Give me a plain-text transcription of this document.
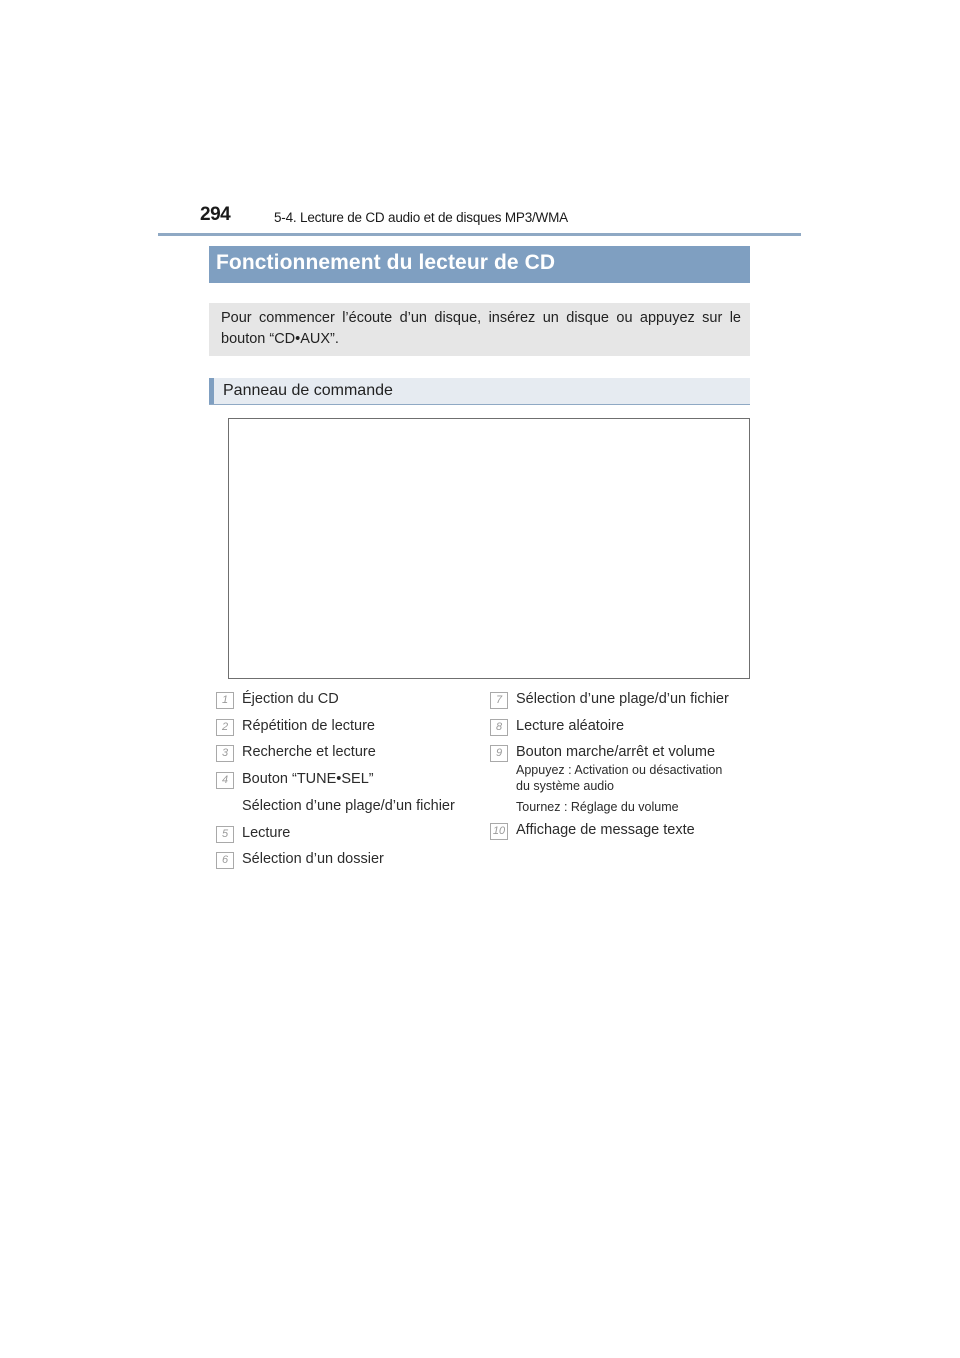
294	5-4. Lecture de CD audio et de disques MP3/WMA
Fonctionnement du lecteur de CD

Pour commencer l’écoute d’un disque, insérez un disque ou appuyez sur le bouton “CD•AUX”.

Panneau de commande
1 Éjection du CD
2 Répétition de lecture
3 Recherche et lecture
4 Bouton “TUNE•SEL”
Sélection d’une plage/d’un fichier
5 Lecture
6 Sélection d’un dossier
7 Sélection d’une plage/d’un fichier
8 Lecture aléatoire
9 Bouton marche/arrêt et volume
Appuyez : Activation ou désactivation
du système audio
Tournez : Réglage du volume
10 Affichage de message texte
